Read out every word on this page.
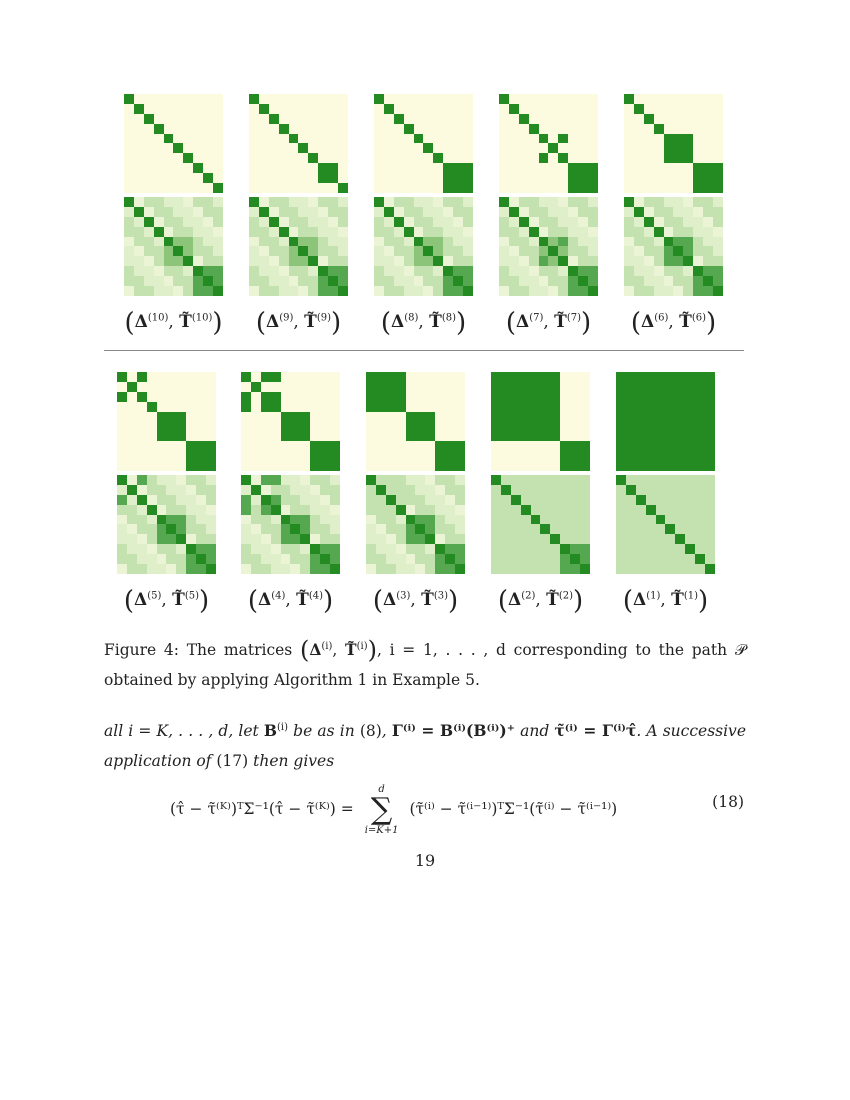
($\Delta^{(10)}$, T̃$^{(10)}$)	($\Delta^{(9)}$, T̃$^{(9)}$)	($\Delta^{(8)}$, T̃$^{(8)}$)	($\Delta^{(7)}$, T̃$^{(7)}$)	($\Delta^{(6)}$, T̃$^{(6)}$)
($\Delta^{(5)}$, T̃$^{(5)}$)	($\Delta^{(4)}$, T̃$^{(4)}$)	($\Delta^{(3)}$, T̃$^{(3)}$)	($\Delta^{(2)}$, T̃$^{(2)}$)	($\Delta^{(1)}$, T̃$^{(1)}$)
Figure 4: The matrices ($\Delta^{(i)}$, T̃$^{(i)}$), i = 1, . . . , d corresponding to the path 𝒫 obtained by applying Algorithm 1 in Example 5.
all i = K, . . . , d, let $B^{(i)}$ be as in (8), Γ⁽ⁱ⁾ = B⁽ⁱ⁾(B⁽ⁱ⁾)⁺ and τ̃⁽ⁱ⁾ = Γ⁽ⁱ⁾τ̂. A successive application of (17) then gives
(τ̂ − τ̃⁽ᴷ⁾)ᵀΣ⁻¹(τ̂ − τ̃⁽ᴷ⁾) =
d
∑
i=K+1
(τ̃⁽ⁱ⁾ − τ̃⁽ⁱ⁻¹⁾)ᵀΣ⁻¹(τ̃⁽ⁱ⁾ − τ̃⁽ⁱ⁻¹⁾)	(18)
19
